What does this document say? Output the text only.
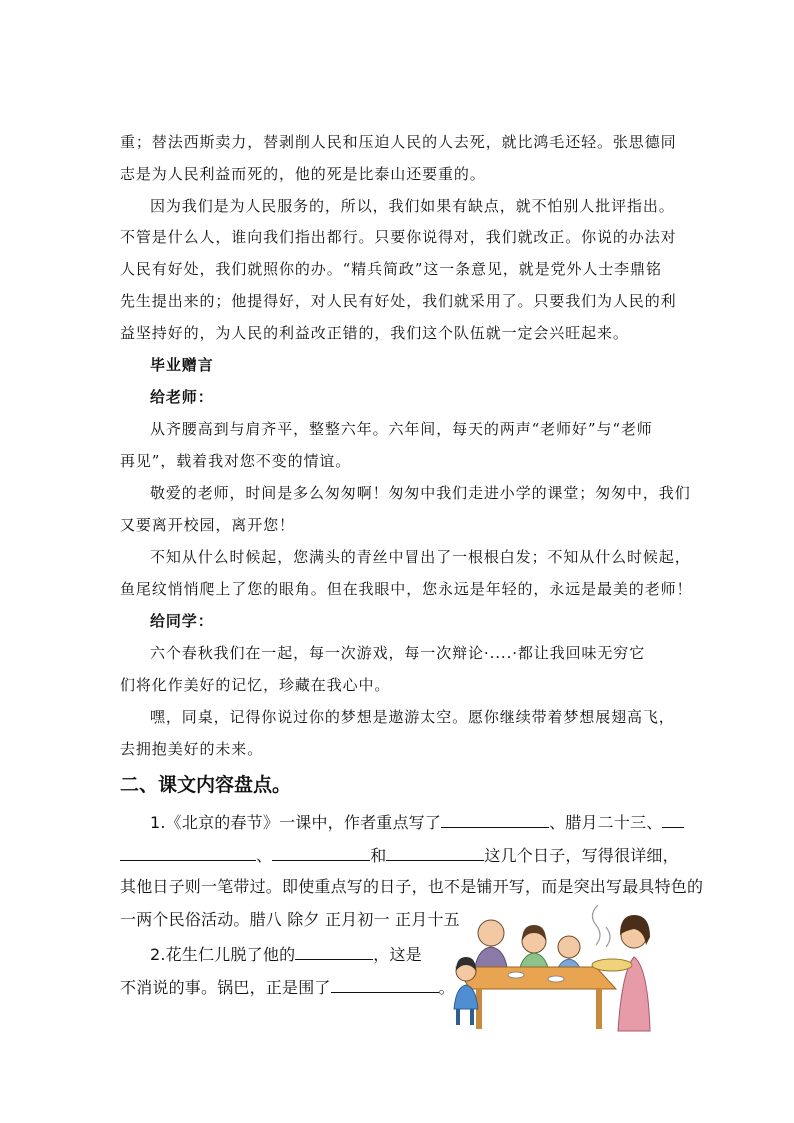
重；替法西斯卖力，替剥削人民和压迫人民的人去死，就比鸿毛还轻。张思德同
志是为人民利益而死的，他的死是比泰山还要重的。
因为我们是为人民服务的，所以，我们如果有缺点，就不怕别人批评指出。
不管是什么人，谁向我们指出都行。只要你说得对，我们就改正。你说的办法对
人民有好处，我们就照你的办。“精兵简政”这一条意见，就是党外人士李鼎铭
先生提出来的；他提得好，对人民有好处，我们就采用了。只要我们为人民的利
益坚持好的，为人民的利益改正错的，我们这个队伍就一定会兴旺起来。
毕业赠言
给老师：
从齐腰高到与肩齐平，整整六年。六年间，每天的两声“老师好”与“老师
再见”，载着我对您不变的情谊。
敬爱的老师，时间是多么匆匆啊！匆匆中我们走进小学的课堂；匆匆中，我们
又要离开校园，离开您！
不知从什么时候起，您满头的青丝中冒出了一根根白发；不知从什么时候起，
鱼尾纹悄悄爬上了您的眼角。但在我眼中，您永远是年轻的，永远是最美的老师！
给同学：
六个春秋我们在一起，每一次游戏，每一次辩论·....·都让我回味无穷它
们将化作美好的记忆，珍藏在我心中。
嘿，同桌，记得你说过你的梦想是遨游太空。愿你继续带着梦想展翅高飞，
去拥抱美好的未来。
二、课文内容盘点。
1.《北京的春节》一课中，作者重点写了	、腊月二十三、
、	和	这几个日子，写得很详细，
其他日子则一笔带过。即使重点写的日子，也不是铺开写，而是突出写最具特色的
一两个民俗活动。腊八 除夕 正月初一 正月十五
2.花生仁儿脱了他的	，这是
不消说的事。锅巴，正是围了	。
